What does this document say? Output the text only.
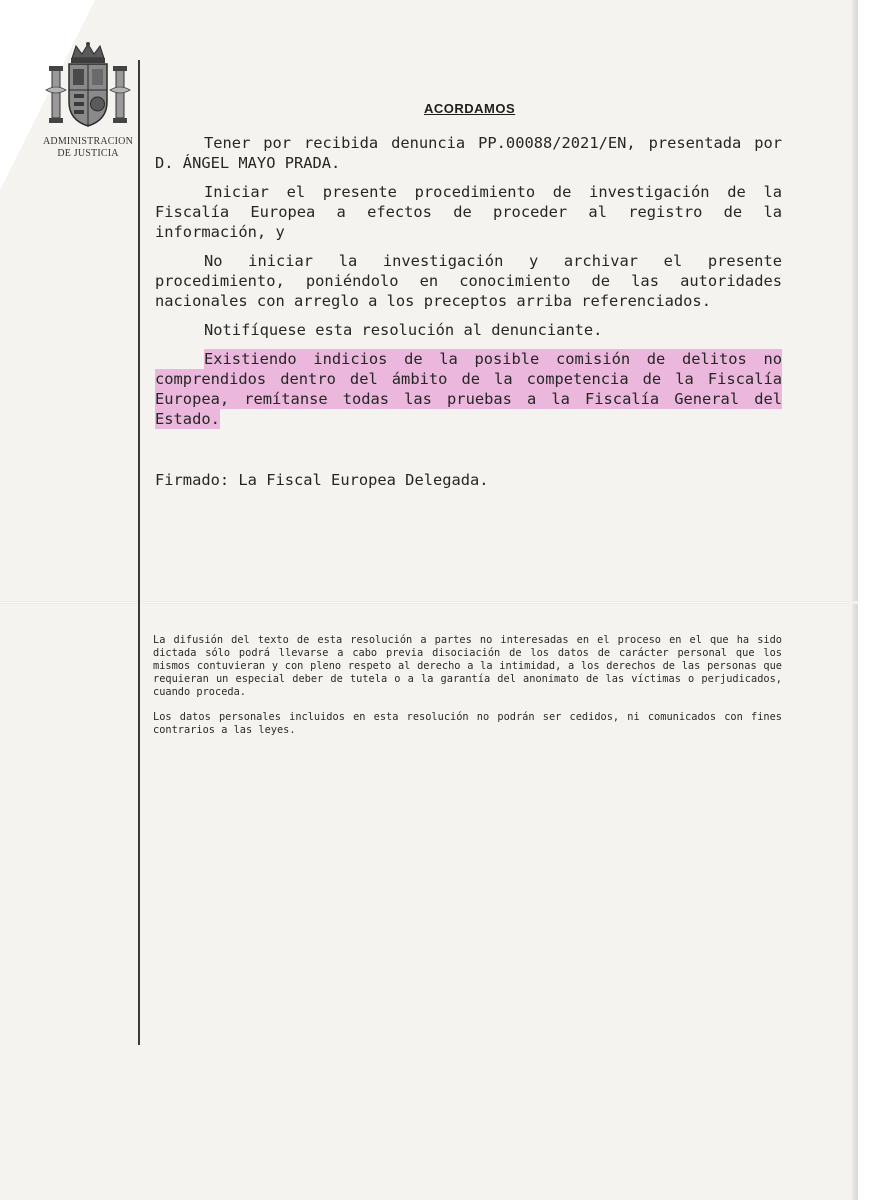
ADMINISTRACION
DE JUSTICIA
ACORDAMOS

Tener por recibida denuncia PP.00088/2021/EN, presentada por D. ÁNGEL MAYO PRADA.

Iniciar el presente procedimiento de investigación de la Fiscalía Europea a efectos de proceder al registro de la información, y

No iniciar la investigación y archivar el presente procedimiento, poniéndolo en conocimiento de las autoridades nacionales con arreglo a los preceptos arriba referenciados.

Notifíquese esta resolución al denunciante.

Existiendo indicios de la posible comisión de delitos no comprendidos dentro del ámbito de la competencia de la Fiscalía Europea, remítanse todas las pruebas a la Fiscalía General del Estado.

Firmado: La Fiscal Europea Delegada.

La difusión del texto de esta resolución a partes no interesadas en el proceso en el que ha sido dictada sólo podrá llevarse a cabo previa disociación de los datos de carácter personal que los mismos contuvieran y con pleno respeto al derecho a la intimidad, a los derechos de las personas que requieran un especial deber de tutela o a la garantía del anonimato de las víctimas o perjudicados, cuando proceda.

Los datos personales incluidos en esta resolución no podrán ser cedidos, ni comunicados con fines contrarios a las leyes.
